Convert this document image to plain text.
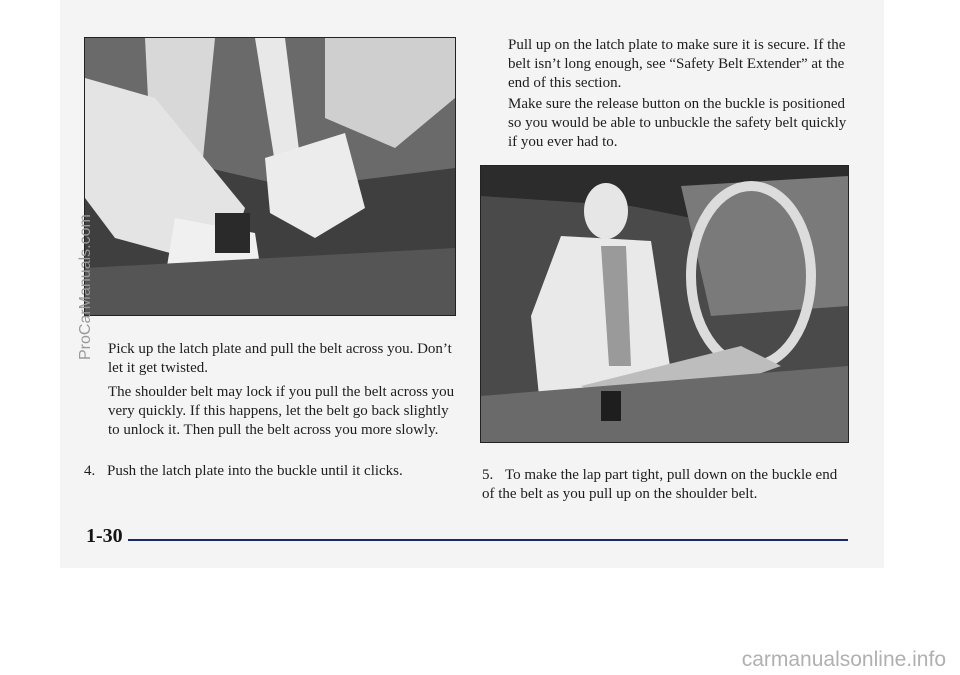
Pick up the latch plate and pull the belt across you. Don’t let it get twisted.

The shoulder belt may lock if you pull the belt across you very quickly. If this happens, let the belt go back slightly to unlock it. Then pull the belt across you more slowly.

4. Push the latch plate into the buckle until it clicks.

Pull up on the latch plate to make sure it is secure. If the belt isn’t long enough, see “Safety Belt Extender” at the end of this section.

Make sure the release button on the buckle is positioned so you would be able to unbuckle the safety belt quickly if you ever had to.

5. To make the lap part tight, pull down on the buckle end of the belt as you pull up on the shoulder belt.
1-30
ProCarManuals.com
carmanualsonline.info
